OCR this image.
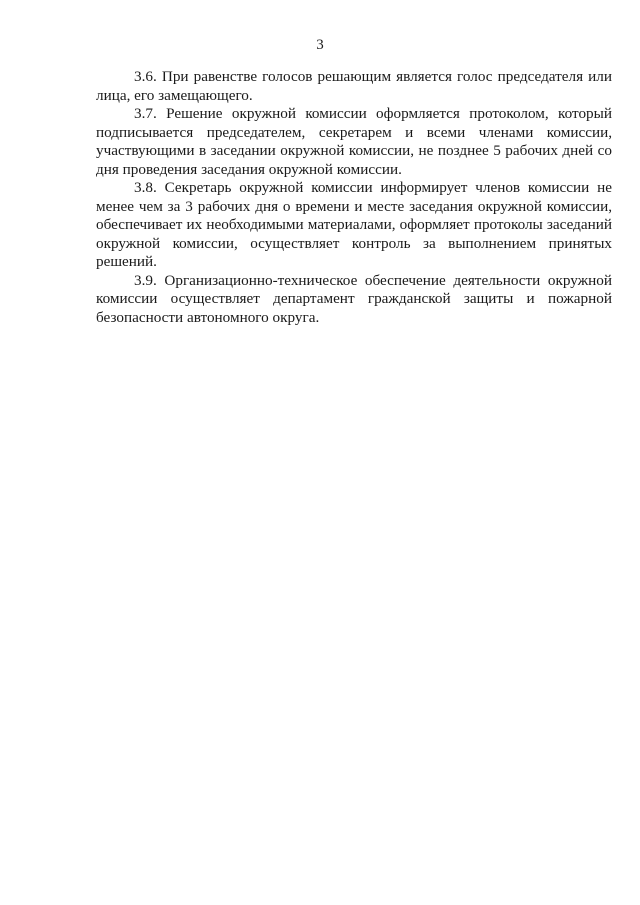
3

3.6. При равенстве голосов решающим является голос председателя или лица, его замещающего.

3.7. Решение окружной комиссии оформляется протоколом, который подписывается председателем, секретарем и всеми членами комиссии, участвующими в заседании окружной комиссии, не позднее 5 рабочих дней со дня проведения заседания окружной комиссии.

3.8. Секретарь окружной комиссии информирует членов комиссии не менее чем за 3 рабочих дня о времени и месте заседания окружной комиссии, обеспечивает их необходимыми материалами, оформляет протоколы заседаний окружной комиссии, осуществляет контроль за выполнением принятых решений.

3.9. Организационно-техническое обеспечение деятельности окружной комиссии осуществляет департамент гражданской защиты и пожарной безопасности автономного округа.
